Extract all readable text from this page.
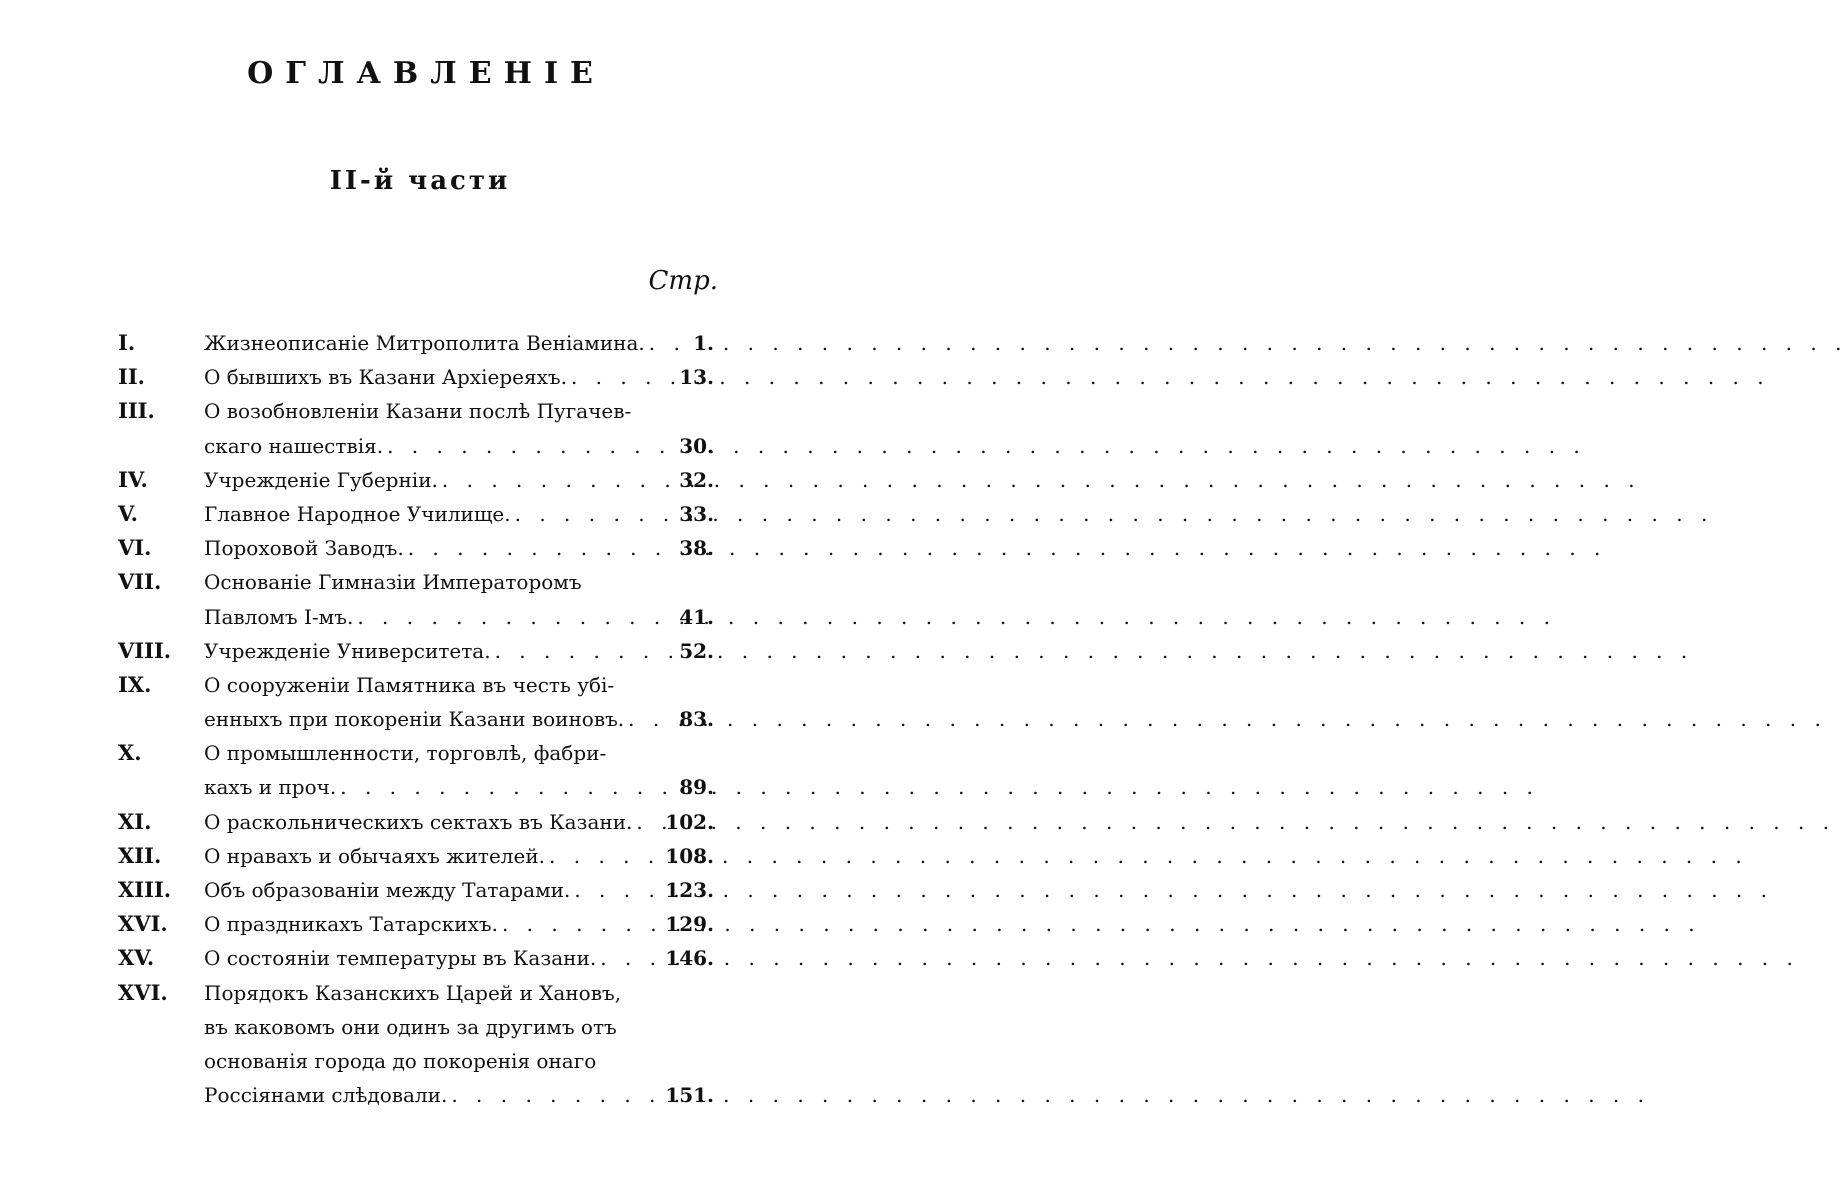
ОГЛАВЛЕНІЕ
II-й части
Стр.
I.	Жизнеописаніе Митрополита Веніамина. . . . 1.
II.	О бывшихъ въ Казани Архіереяхъ. . . .	13.
III.	О возобновленіи Казани послѣ Пугачев-
скаго нашествія. . . .	30.
IV.	Учрежденіе Губерніи. . . .	32.
V.	Главное Народное Училище. . . .	33.
VI.	Пороховой Заводъ. . . .	38.
VII.	Основаніе Гимназіи Императоромъ
Павломъ I-мъ. . . .	41.
VIII.	Учрежденіе Университета. . . .	52.
IX.	О сооруженіи Памятника въ честь убі-
енныхъ при покореніи Казани воиновъ. . . .	83.
X.	О промышленности, торговлѣ, фабри-
кахъ и проч. . . .	89.
XI.	О раскольническихъ сектахъ въ Казани. . . . 102.
XII.	О нравахъ и обычаяхъ жителей. . . .	108.
XIII.	Объ образованіи между Татарами. . . .	123.
XVI.	О праздникахъ Татарскихъ. . . .	129.
XV.	О состояніи температуры въ Казани. . . .	146.
XVI.	Порядокъ Казанскихъ Царей и Хановъ,
въ каковомъ они одинъ за другимъ отъ
основанія города до покоренія онаго
Россіянами слѣдовали. . . .	151.
